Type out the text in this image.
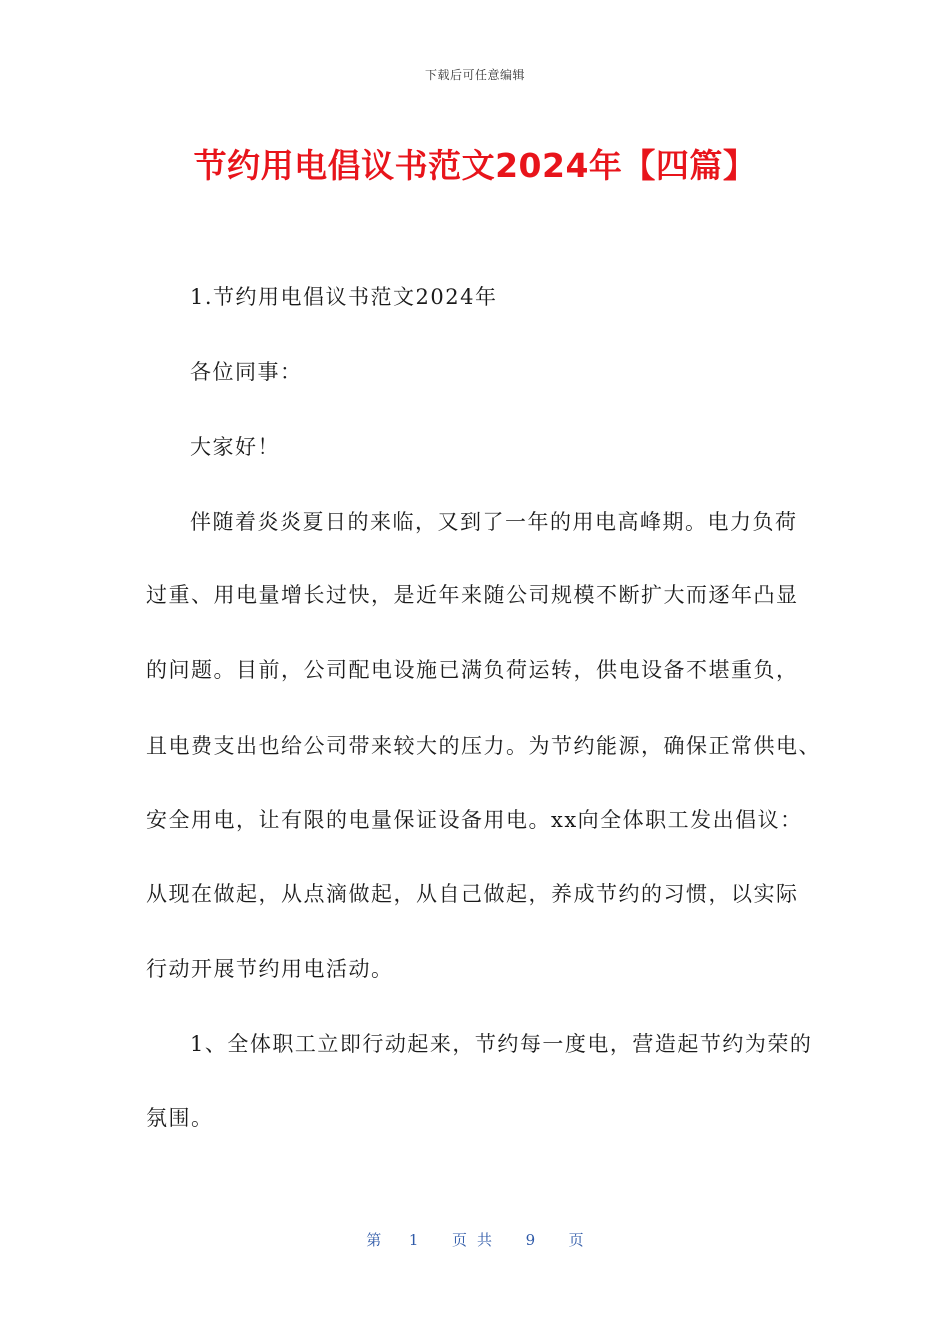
下载后可任意编辑
节约用电倡议书范文2024年【四篇】
1.节约用电倡议书范文2024年
各位同事：
大家好！
伴随着炎炎夏日的来临，又到了一年的用电高峰期。电力负荷
过重、用电量增长过快，是近年来随公司规模不断扩大而逐年凸显
的问题。目前，公司配电设施已满负荷运转，供电设备不堪重负，
且电费支出也给公司带来较大的压力。为节约能源，确保正常供电、
安全用电，让有限的电量保证设备用电。xx向全体职工发出倡议：
从现在做起，从点滴做起，从自己做起，养成节约的习惯，以实际
行动开展节约用电活动。
1、全体职工立即行动起来，节约每一度电，营造起节约为荣的
氛围。
第 1 页共 9 页
